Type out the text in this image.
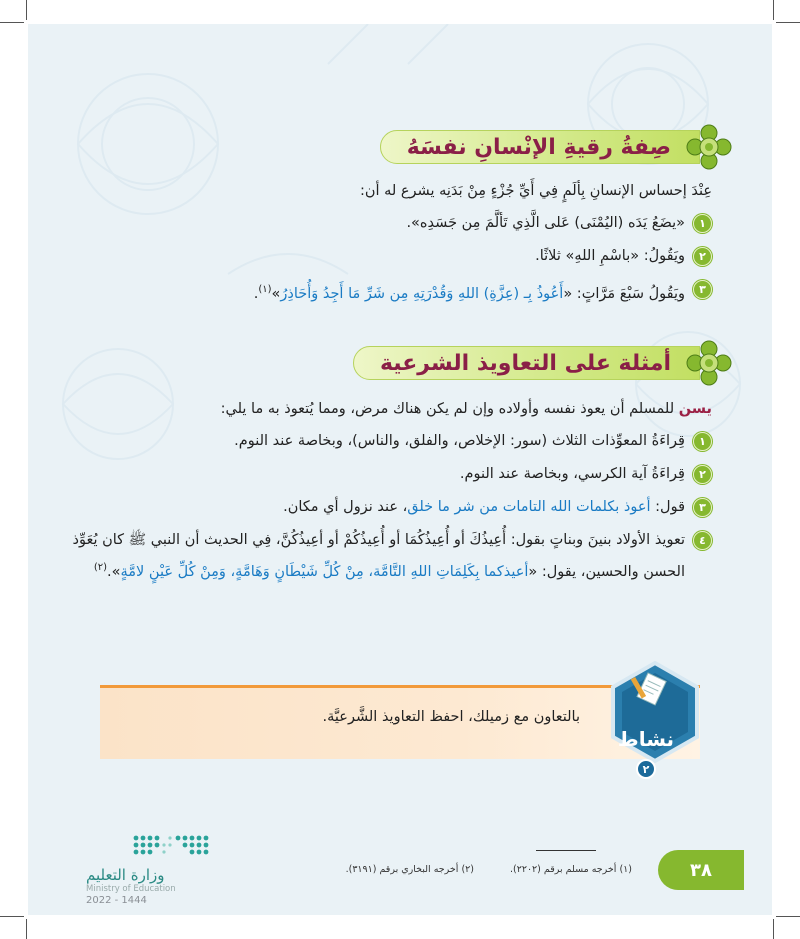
صِفةُ رقيةِ الإنْسانِ نفسَهُ

عِنْدَ إحساس الإنسانِ بِألَمٍ فِي أَيِّ جُزْءٍ مِنْ بَدَنِه يشرع له أن:

١
«يضَعُ يَدَه (اليُمْنَى) عَلى الَّذِي تَألَّمَ مِن جَسَدِه».
٢
ويَقُولُ: «باسْمِ اللهِ» ثلاثًا.
٣
ويَقُولُ سَبْعَ مَرَّاتٍ: «أَعُوذُ بِـ (عِزَّةِ) اللهِ وَقُدْرَتِهِ مِن شَرِّ مَا أَجِدُ وَأُحَاذِرُ»$^{(١)}$.
أمثلة على التعاويذ الشرعية

يسن للمسلم أن يعوذ نفسه وأولاده وإن لم يكن هناك مرض، ومما يُتعوذ به ما يلي:

١
قِراءَةُ المعوِّذات الثلاث (سور: الإخلاص، والفلق، والناس)، وبخاصة عند النوم.
٢
قِراءَةُ آية الكرسي، وبخاصة عند النوم.
٣
قول: أعوذ بكلمات الله التامات من شر ما خلق، عند نزول أي مكان.
٤
تعويذ الأولاد بنينَ وبناتٍ بقول: أُعِيذُكَ أو أُعِيذُكُمَا أو أُعِيذُكُمْ أو أعِيذُكُنَّ، فِي الحديث أن النبي ﷺ كان يُعَوِّذ الحسن والحسين، يقول: «أعيذكما بِكَلِمَاتِ اللهِ التَّامَّة، مِنْ كُلِّ شَيْطَانٍ وَهَامَّةٍ، وَمِنْ كُلِّ عَيْنٍ لامَّةٍ».$^{(٢)}$
نشاط
٢
بالتعاون مع زميلك، احفظ التعاويذ الشَّرعيَّة.
(١) أخرجه مسلم برقم (٢٢٠٢).
(٢) أخرجه البخاري برقم (٣١٩١).	٣٨
وزارة التعليم
Ministry of Education
2022 - 1444
